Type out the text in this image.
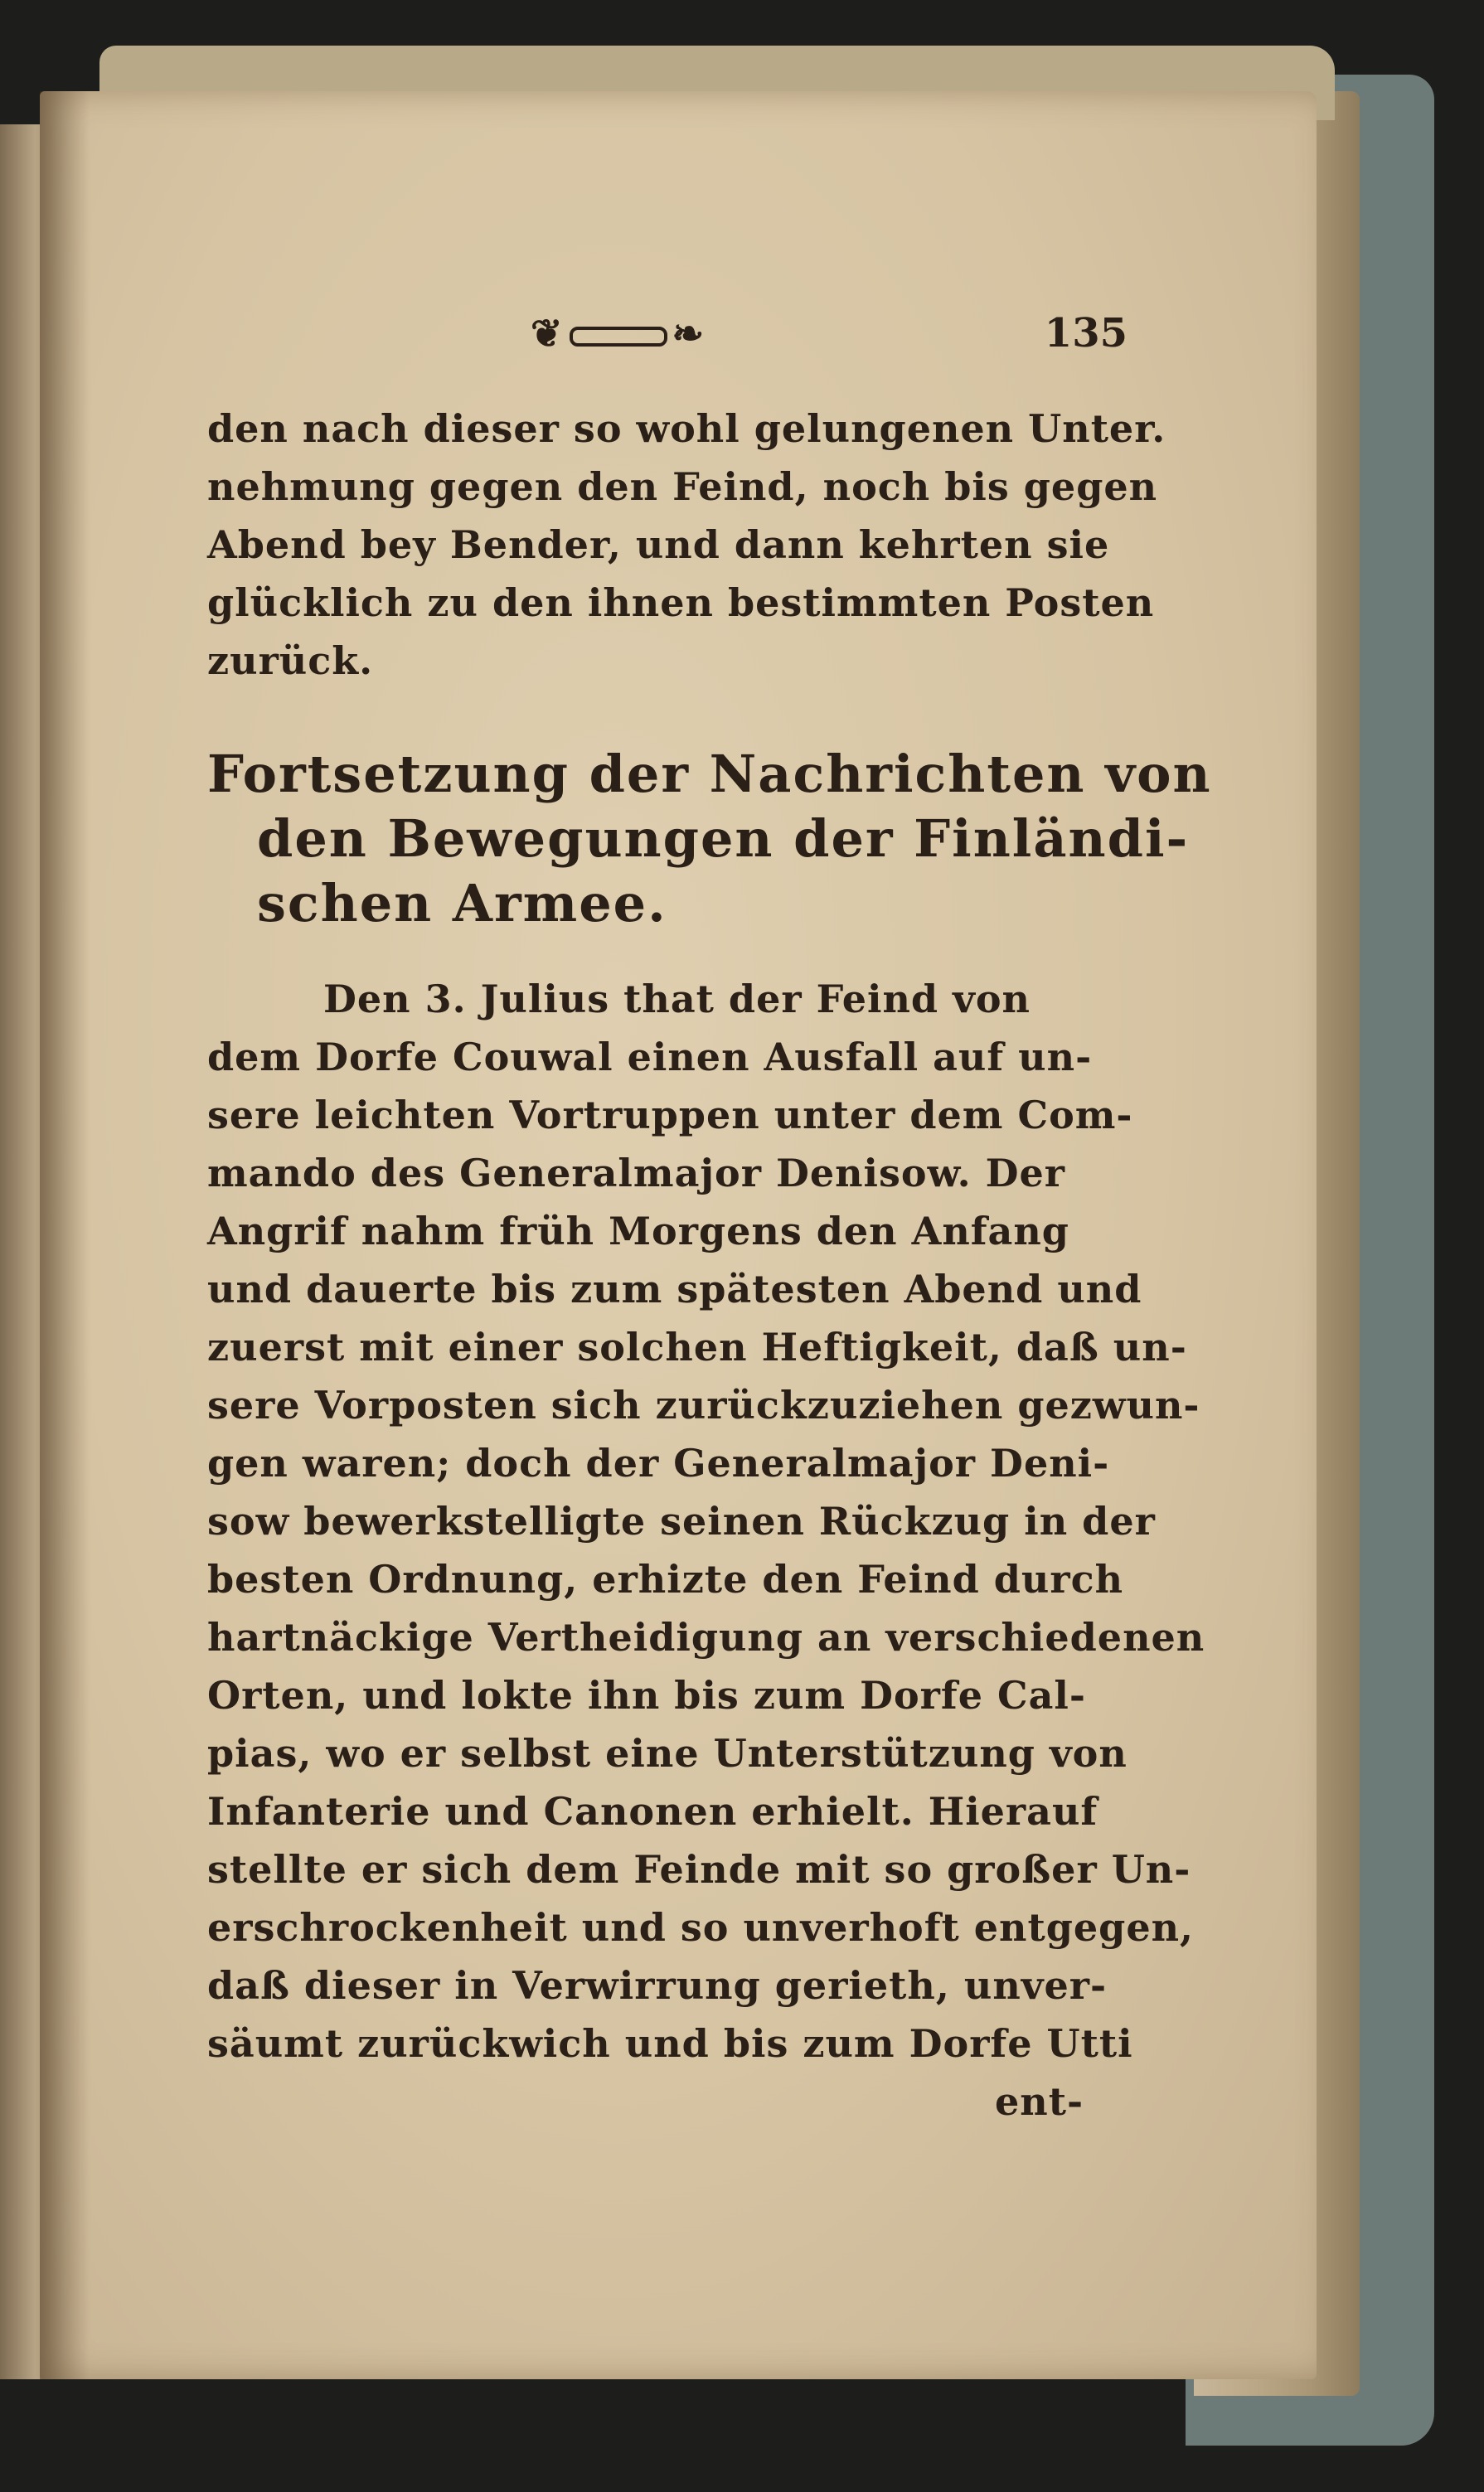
❦	❧	135
den nach dieser so wohl gelungenen Unter.
nehmung gegen den Feind, noch bis gegen
Abend bey Bender, und dann kehrten sie
glücklich zu den ihnen bestimmten Posten
zurück.
Fortsetzung der Nachrichten von
den Bewegungen der Finländi-
schen Armee.
Den 3. Julius that der Feind von
dem Dorfe Couwal einen Ausfall auf un-
sere leichten Vortruppen unter dem Com-
mando des Generalmajor Denisow. Der
Angrif nahm früh Morgens den Anfang
und dauerte bis zum spätesten Abend und
zuerst mit einer solchen Heftigkeit, daß un-
sere Vorposten sich zurückzuziehen gezwun-
gen waren; doch der Generalmajor Deni-
sow bewerkstelligte seinen Rückzug in der
besten Ordnung, erhizte den Feind durch
hartnäckige Vertheidigung an verschiedenen
Orten, und lokte ihn bis zum Dorfe Cal-
pias, wo er selbst eine Unterstützung von
Infanterie und Canonen erhielt. Hierauf
stellte er sich dem Feinde mit so großer Un-
erschrockenheit und so unverhoft entgegen,
daß dieser in Verwirrung gerieth, unver-
säumt zurückwich und bis zum Dorfe Utti
ent-
